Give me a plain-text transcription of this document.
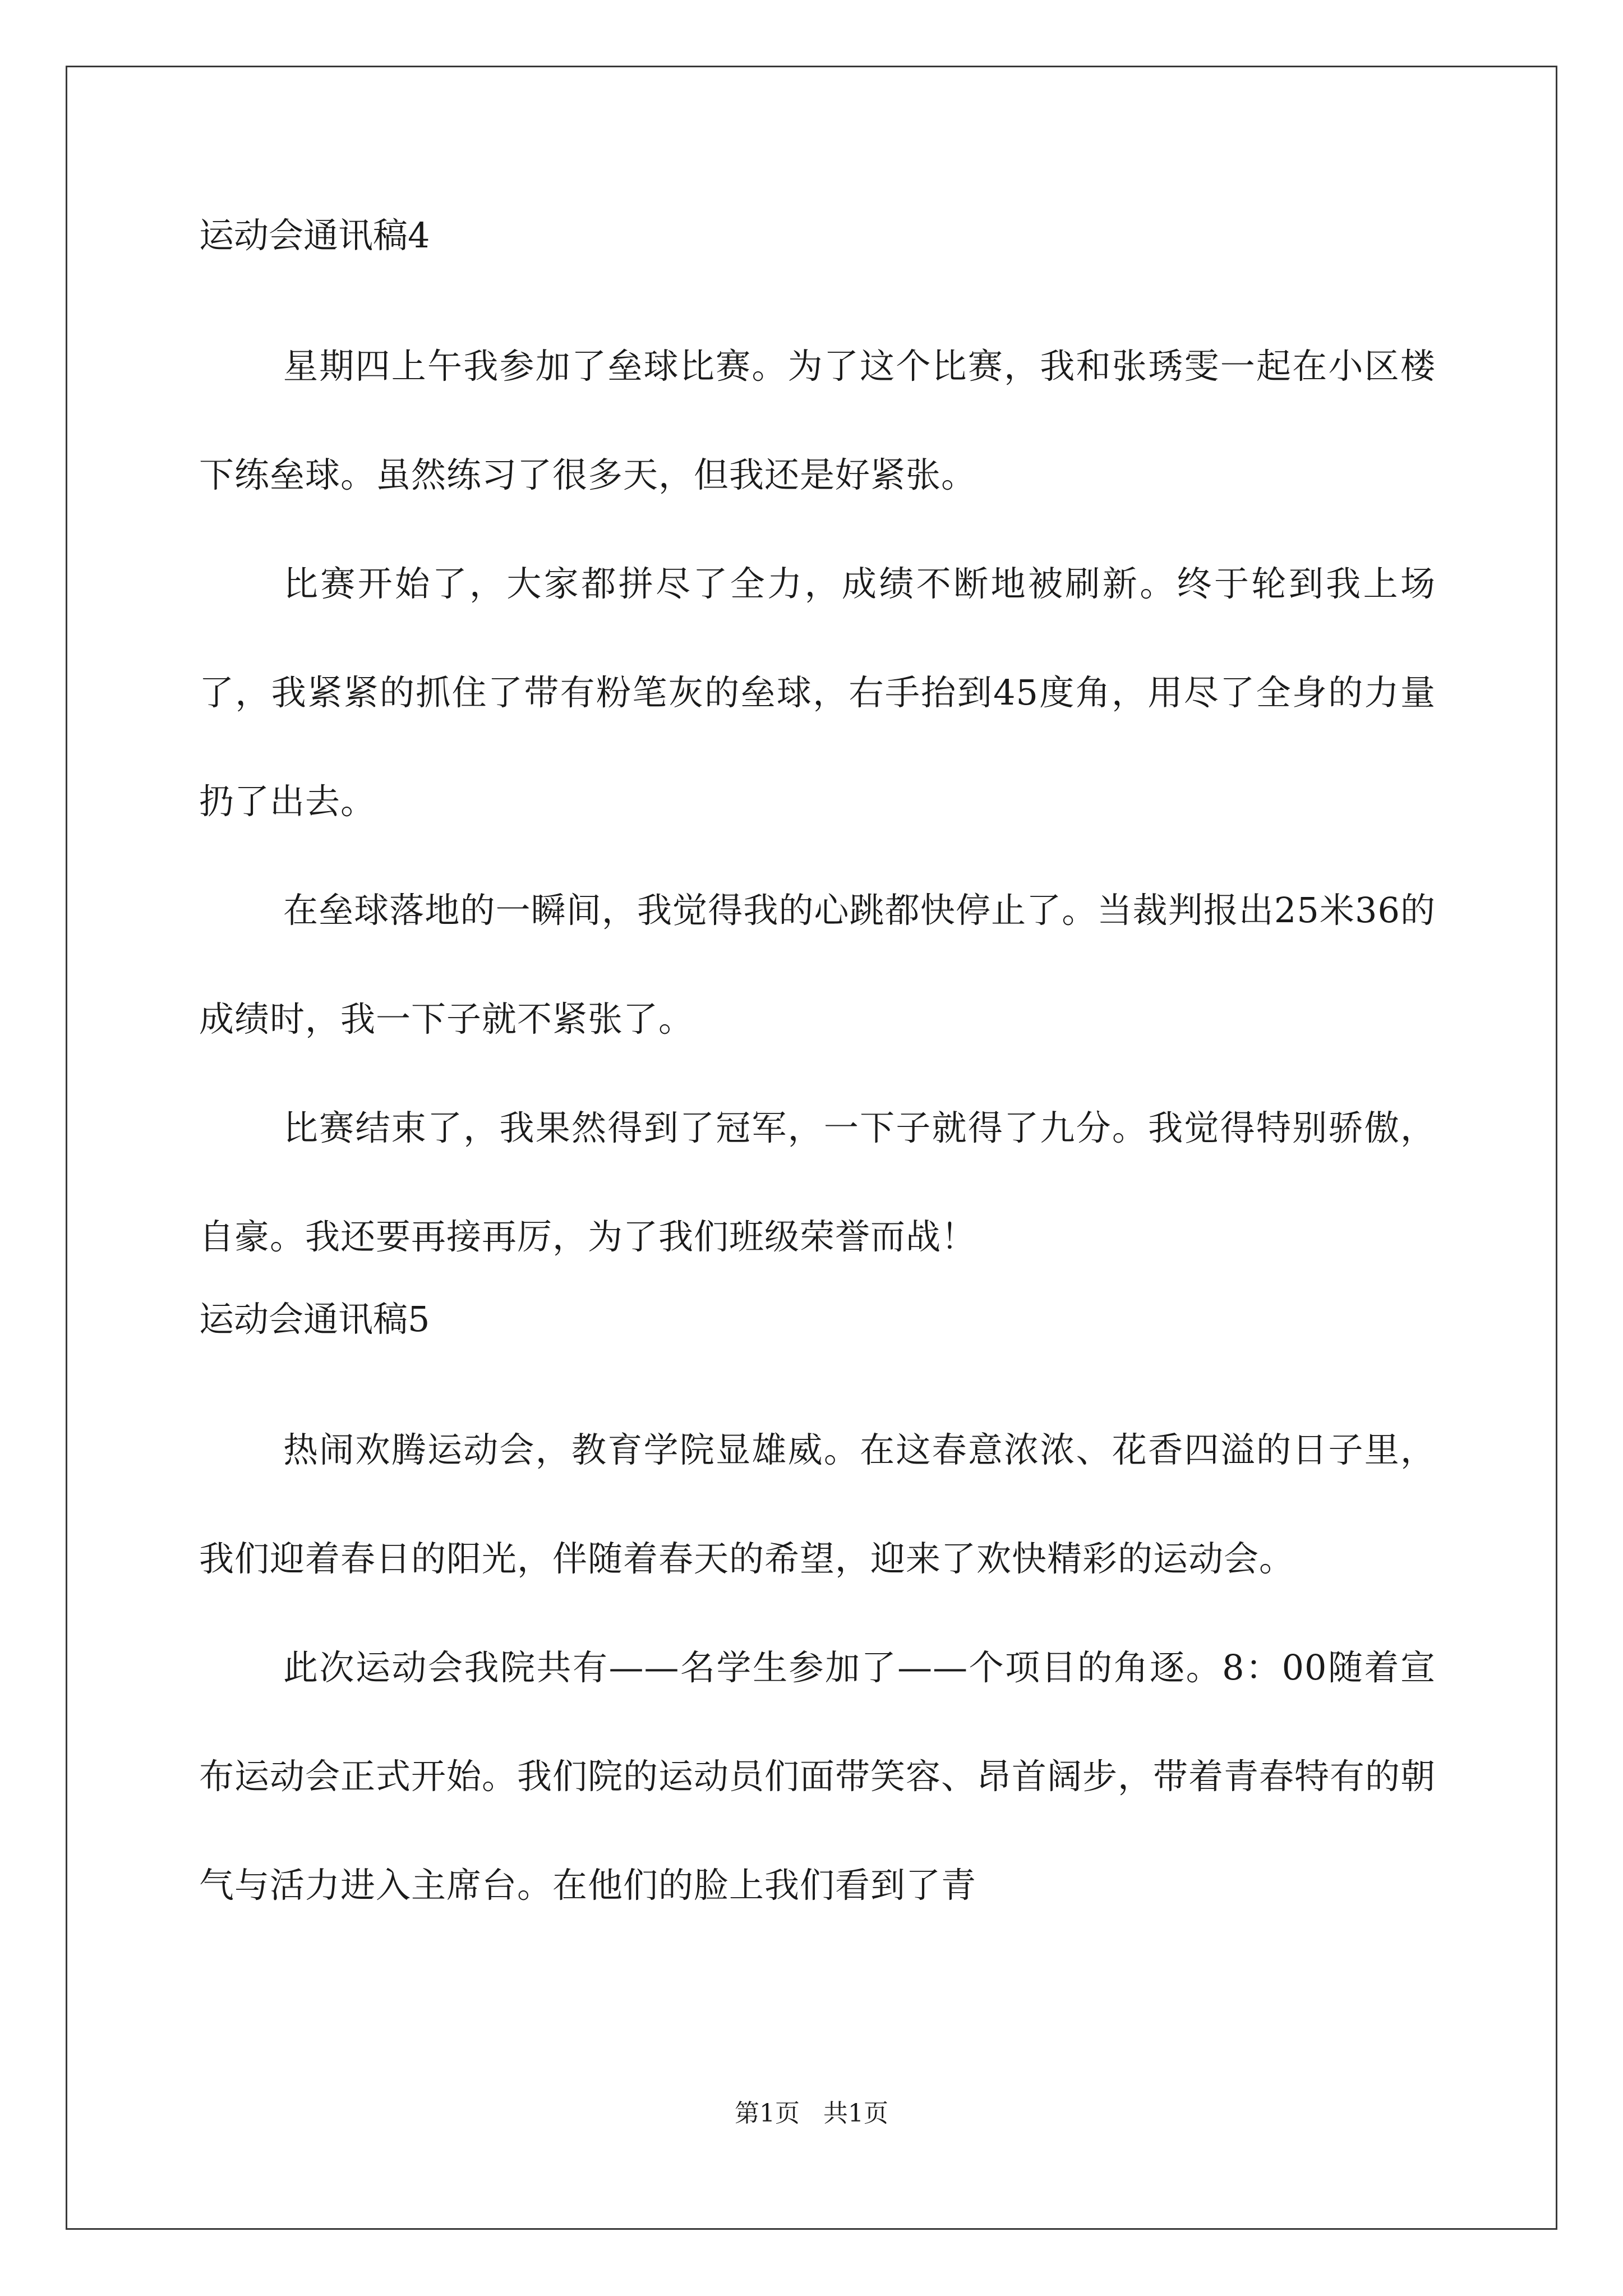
运动会通讯稿4

星期四上午我参加了垒球比赛。为了这个比赛，我和张琇雯一起在小区楼下练垒球。虽然练习了很多天，但我还是好紧张。

比赛开始了，大家都拼尽了全力，成绩不断地被刷新。终于轮到我上场了，我紧紧的抓住了带有粉笔灰的垒球，右手抬到45度角，用尽了全身的力量扔了出去。

在垒球落地的一瞬间，我觉得我的心跳都快停止了。当裁判报出25米36的成绩时，我一下子就不紧张了。

比赛结束了，我果然得到了冠军，一下子就得了九分。我觉得特别骄傲，自豪。我还要再接再厉，为了我们班级荣誉而战！

运动会通讯稿5

热闹欢腾运动会，教育学院显雄威。在这春意浓浓、花香四溢的日子里，我们迎着春日的阳光，伴随着春天的希望，迎来了欢快精彩的运动会。

此次运动会我院共有——名学生参加了——个项目的角逐。8：00随着宣布运动会正式开始。我们院的运动员们面带笑容、昂首阔步，带着青春特有的朝气与活力进入主席台。在他们的脸上我们看到了青

第1页   共1页
